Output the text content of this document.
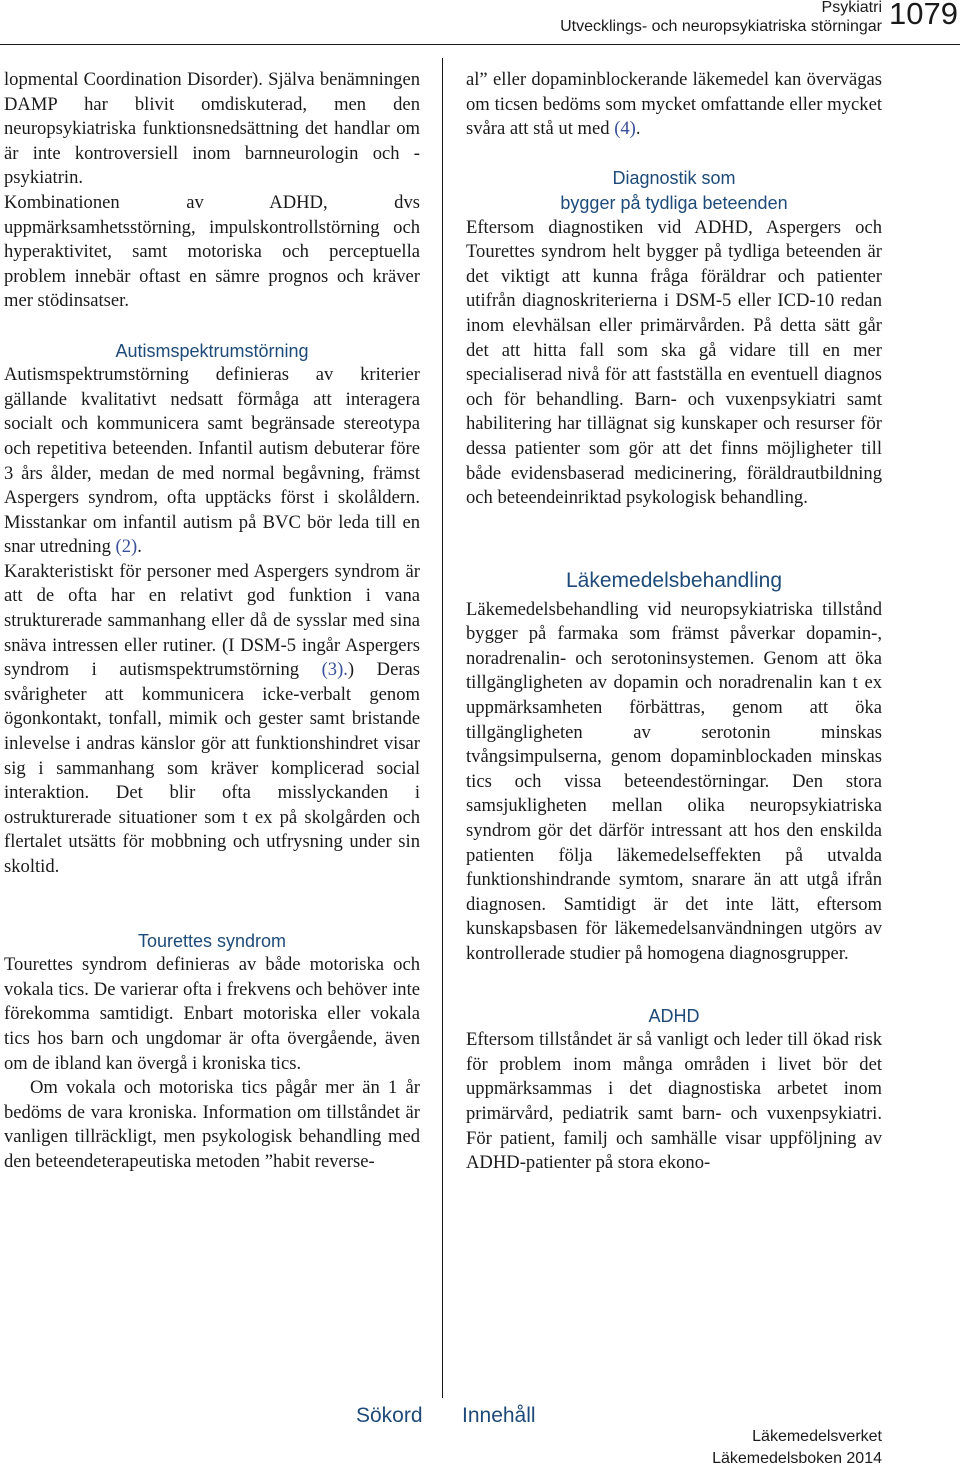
Psykiatri
Utvecklings- och neuropsykiatriska störningar 1079

lopmental Coordination Disorder). Själva benämningen DAMP har blivit omdiskuterad, men den neuropsykiatriska funktionsnedsättning det handlar om är inte kontroversiell inom barnneurologin och -psykiatrin.

Kombinationen av ADHD, dvs uppmärksamhetsstörning, impulskontrollstörning och hyperaktivitet, samt motoriska och perceptuella problem innebär oftast en sämre prognos och kräver mer stödinsatser.

Autismspektrumstörning

Autismspektrumstörning definieras av kriterier gällande kvalitativt nedsatt förmåga att interagera socialt och kommunicera samt begränsade stereotypa och repetitiva beteenden. Infantil autism debuterar före 3 års ålder, medan de med normal begåvning, främst Aspergers syndrom, ofta upptäcks först i skolåldern. Misstankar om infantil autism på BVC bör leda till en snar utredning (2).

Karakteristiskt för personer med Aspergers syndrom är att de ofta har en relativt god funktion i vana strukturerade sammanhang eller då de sysslar med sina snäva intressen eller rutiner. (I DSM-5 ingår Aspergers syndrom i autismspektrumstörning (3).) Deras svårigheter att kommunicera icke-verbalt genom ögonkontakt, tonfall, mimik och gester samt bristande inlevelse i andras känslor gör att funktionshindret visar sig i sammanhang som kräver komplicerad social interaktion. Det blir ofta misslyckanden i ostrukturerade situationer som t ex på skolgården och flertalet utsätts för mobbning och utfrysning under sin skoltid.

Tourettes syndrom

Tourettes syndrom definieras av både motoriska och vokala tics. De varierar ofta i frekvens och behöver inte förekomma samtidigt. Enbart motoriska eller vokala tics hos barn och ungdomar är ofta övergående, även om de ibland kan övergå i kroniska tics.

Om vokala och motoriska tics pågår mer än 1 år bedöms de vara kroniska. Information om tillståndet är vanligen tillräckligt, men psykologisk behandling med den beteendeterapeutiska metoden ”habit reverse-

al” eller dopaminblockerande läkemedel kan övervägas om ticsen bedöms som mycket omfattande eller mycket svåra att stå ut med (4).

Diagnostik som
bygger på tydliga beteenden

Eftersom diagnostiken vid ADHD, Aspergers och Tourettes syndrom helt bygger på tydliga beteenden är det viktigt att kunna fråga föräldrar och patienter utifrån diagnoskriterierna i DSM-5 eller ICD-10 redan inom elevhälsan eller primärvården. På detta sätt går det att hitta fall som ska gå vidare till en mer specialiserad nivå för att fastställa en eventuell diagnos och för behandling. Barn- och vuxenpsykiatri samt habilitering har tillägnat sig kunskaper och resurser för dessa patienter som gör att det finns möjligheter till både evidensbaserad medicinering, föräldrautbildning och beteendeinriktad psykologisk behandling.

Läkemedelsbehandling

Läkemedelsbehandling vid neuropsykiatriska tillstånd bygger på farmaka som främst påverkar dopamin-, noradrenalin- och serotoninsystemen. Genom att öka tillgängligheten av dopamin och noradrenalin kan t ex uppmärksamheten förbättras, genom att öka tillgängligheten av serotonin minskas tvångsimpulserna, genom dopaminblockaden minskas tics och vissa beteendestörningar. Den stora samsjukligheten mellan olika neuropsykiatriska syndrom gör det därför intressant att hos den enskilda patienten följa läkemedelseffekten på utvalda funktionshindrande symtom, snarare än att utgå ifrån diagnosen. Samtidigt är det inte lätt, eftersom kunskapsbasen för läkemedelsanvändningen utgörs av kontrollerade studier på homogena diagnosgrupper.

ADHD

Eftersom tillståndet är så vanligt och leder till ökad risk för problem inom många områden i livet bör det uppmärksammas i det diagnostiska arbetet inom primärvård, pediatrik samt barn- och vuxenpsykiatri. För patient, familj och samhälle visar uppföljning av ADHD-patienter på stora ekono-

Sökord Innehåll
Läkemedelsverket
Läkemedelsboken 2014
